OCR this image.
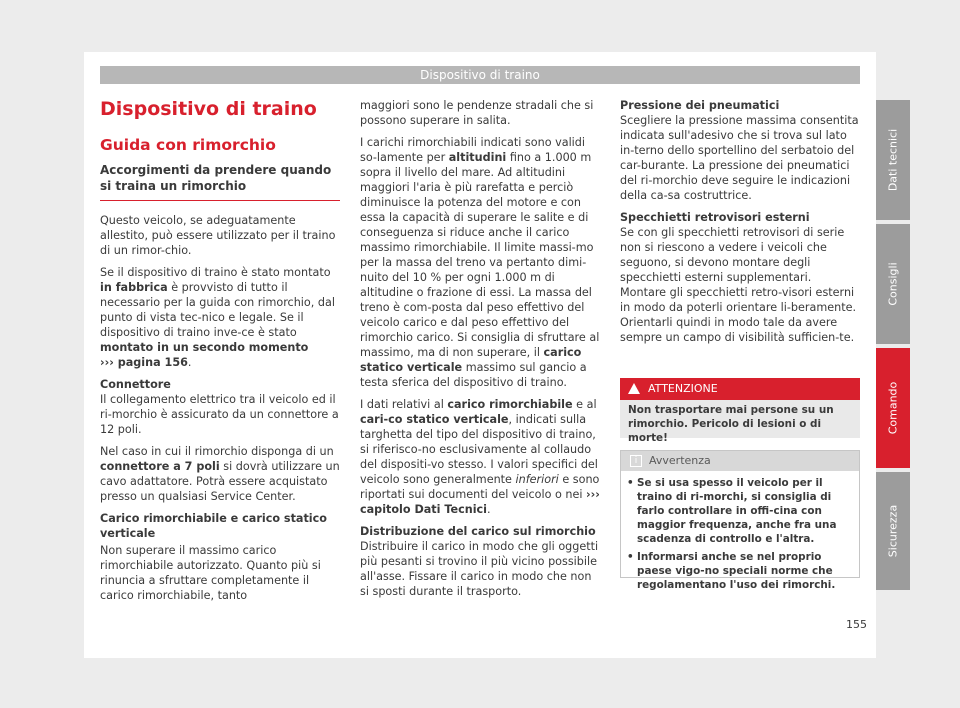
Dispositivo di traino
Dispositivo di traino
Guida con rimorchio
Accorgimenti da prendere quando si traina un rimorchio

Questo veicolo, se adeguatamente allestito, può essere utilizzato per il traino di un rimor-chio.

Se il dispositivo di traino è stato montato in fabbrica è provvisto di tutto il necessario per la guida con rimorchio, dal punto di vista tec-nico e legale. Se il dispositivo di traino inve-ce è stato montato in un secondo momento
››› pagina 156.

Connettore

Il collegamento elettrico tra il veicolo ed il ri-morchio è assicurato da un connettore a 12 poli.

Nel caso in cui il rimorchio disponga di un connettore a 7 poli si dovrà utilizzare un cavo adattatore. Potrà essere acquistato presso un qualsiasi Service Center.

Carico rimorchiabile e carico statico verticale

Non superare il massimo carico rimorchiabile autorizzato. Quanto più si rinuncia a sfruttare completamente il carico rimorchiabile, tanto

maggiori sono le pendenze stradali che si possono superare in salita.

I carichi rimorchiabili indicati sono validi so-lamente per altitudini fino a 1.000 m sopra il livello del mare. Ad altitudini maggiori l'aria è più rarefatta e perciò diminuisce la potenza del motore e con essa la capacità di superare le salite e di conseguenza si riduce anche il carico massimo rimorchiabile. Il limite massi-mo per la massa del treno va pertanto dimi-nuito del 10 % per ogni 1.000 m di altitudine o frazione di essi. La massa del treno è com-posta dal peso effettivo del veicolo carico e dal peso effettivo del rimorchio carico. Si consiglia di sfruttare al massimo, ma di non superare, il carico statico verticale massimo sul gancio a testa sferica del dispositivo di traino.

I dati relativi al carico rimorchiabile e al cari-co statico verticale, indicati sulla targhetta del tipo del dispositivo di traino, si riferisco-no esclusivamente al collaudo del dispositi-vo stesso. I valori specifici del veicolo sono generalmente inferiori e sono riportati sui documenti del veicolo o nei ››› capitolo Dati Tecnici.

Distribuzione del carico sul rimorchio

Distribuire il carico in modo che gli oggetti più pesanti si trovino il più vicino possibile all'asse. Fissare il carico in modo che non si sposti durante il trasporto.

Pressione dei pneumatici

Scegliere la pressione massima consentita indicata sull'adesivo che si trova sul lato in-terno dello sportellino del serbatoio del car-burante. La pressione dei pneumatici del ri-morchio deve seguire le indicazioni della ca-sa costruttrice.

Specchietti retrovisori esterni

Se con gli specchietti retrovisori di serie non si riescono a vedere i veicoli che seguono, si devono montare degli specchietti esterni supplementari. Montare gli specchietti retro-visori esterni in modo da poterli orientare li-beramente. Orientarli quindi in modo tale da avere sempre un campo di visibilità sufficien-te.

ATTENZIONE
Non trasportare mai persone su un rimorchio. Pericolo di lesioni o di morte!
i	Avvertenza
• Se si usa spesso il veicolo per il traino di ri-morchi, si consiglia di farlo controllare in offi-cina con maggior frequenza, anche fra una scadenza di controllo e l'altra.
• Informarsi anche se nel proprio paese vigo-no speciali norme che regolamentano l'uso dei rimorchi.
Dati tecnici
Consigli
Comando
Sicurezza
155
